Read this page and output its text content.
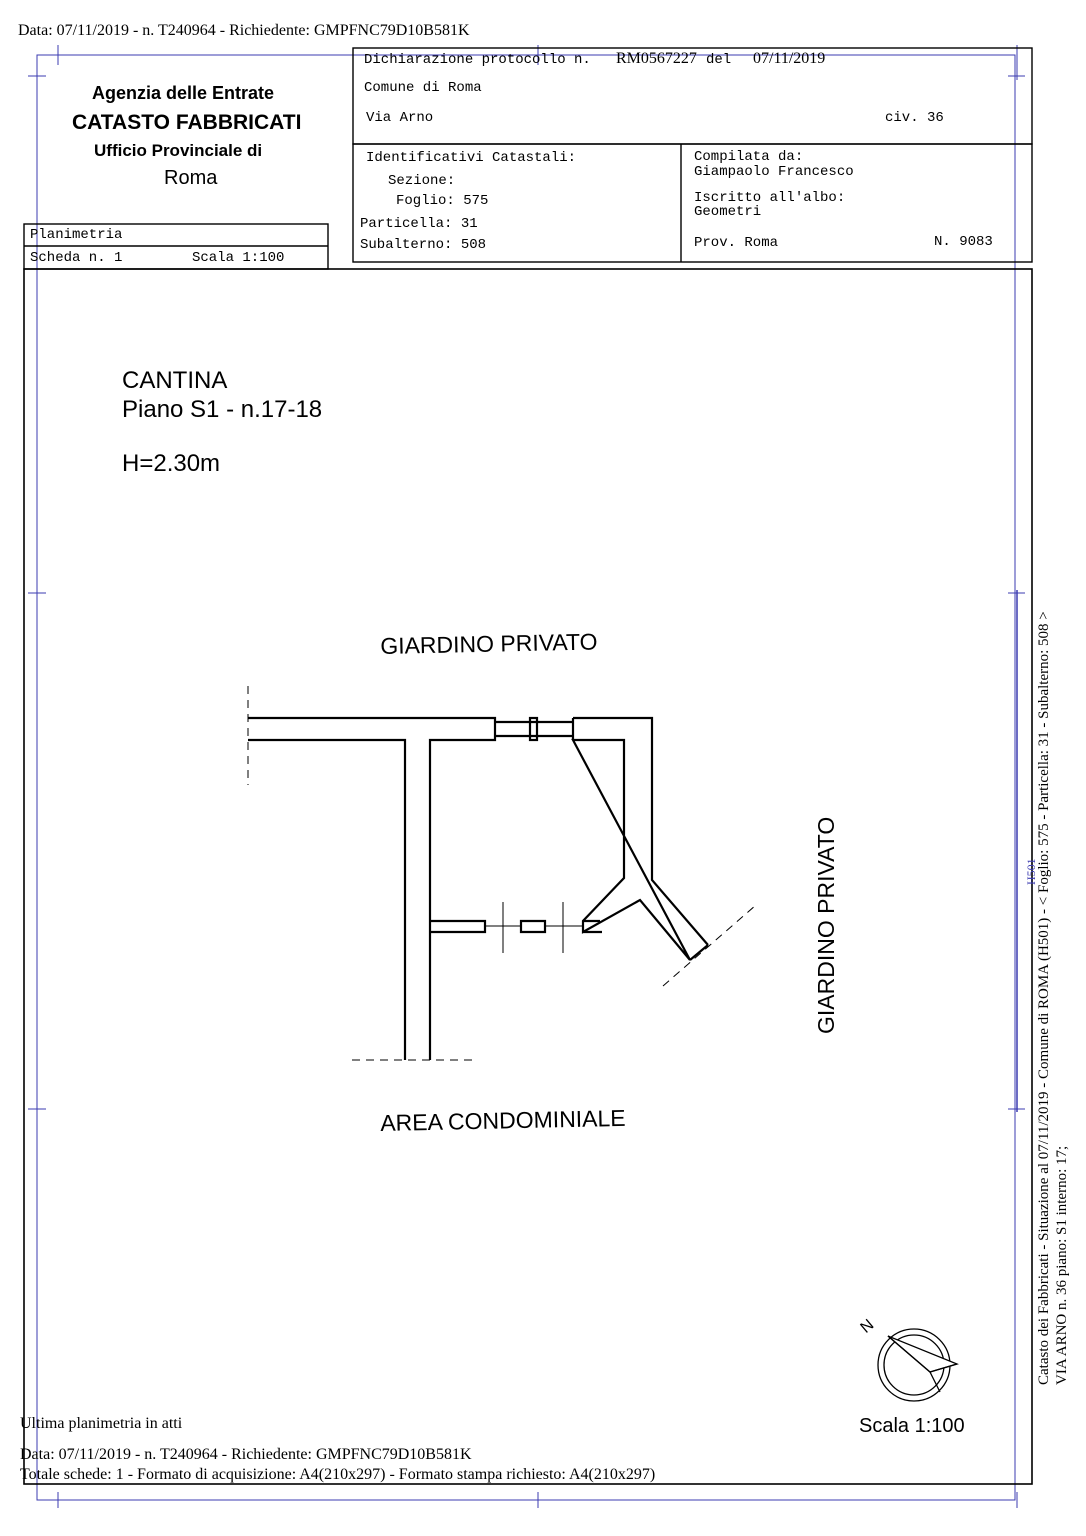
Data: 07/11/2019 - n. T240964 - Richiedente: GMPFNC79D10B581K
Agenzia delle Entrate
CATASTO FABBRICATI
Ufficio Provinciale di
Roma
Planimetria
Scheda n. 1	Scala 1:100
Dichiarazione protocollo n. RM0567227 del 07/11/2019
Comune di Roma
Via Arno	civ. 36
Identificativi Catastali:
Sezione:
Foglio: 575
Particella: 31
Subalterno: 508
Compilata da:
Giampaolo Francesco
Iscritto all'albo:
Geometri
Prov. Roma	N. 9083
CANTINA
Piano S1 - n.17-18
H=2.30m
GIARDINO PRIVATO
GIARDINO PRIVATO
AREA CONDOMINIALE
N
Scala 1:100
Catasto dei Fabbricati - Situazione al 07/11/2019 - Comune di ROMA (H501) - < Foglio: 575 - Particella: 31 - Subalterno: 508 > VIA ARNO n. 36 piano: S1 interno: 17;
H501
Ultima planimetria in atti
Data: 07/11/2019 - n. T240964 - Richiedente: GMPFNC79D10B581K
Totale schede: 1 - Formato di acquisizione: A4(210x297) - Formato stampa richiesto: A4(210x297)
